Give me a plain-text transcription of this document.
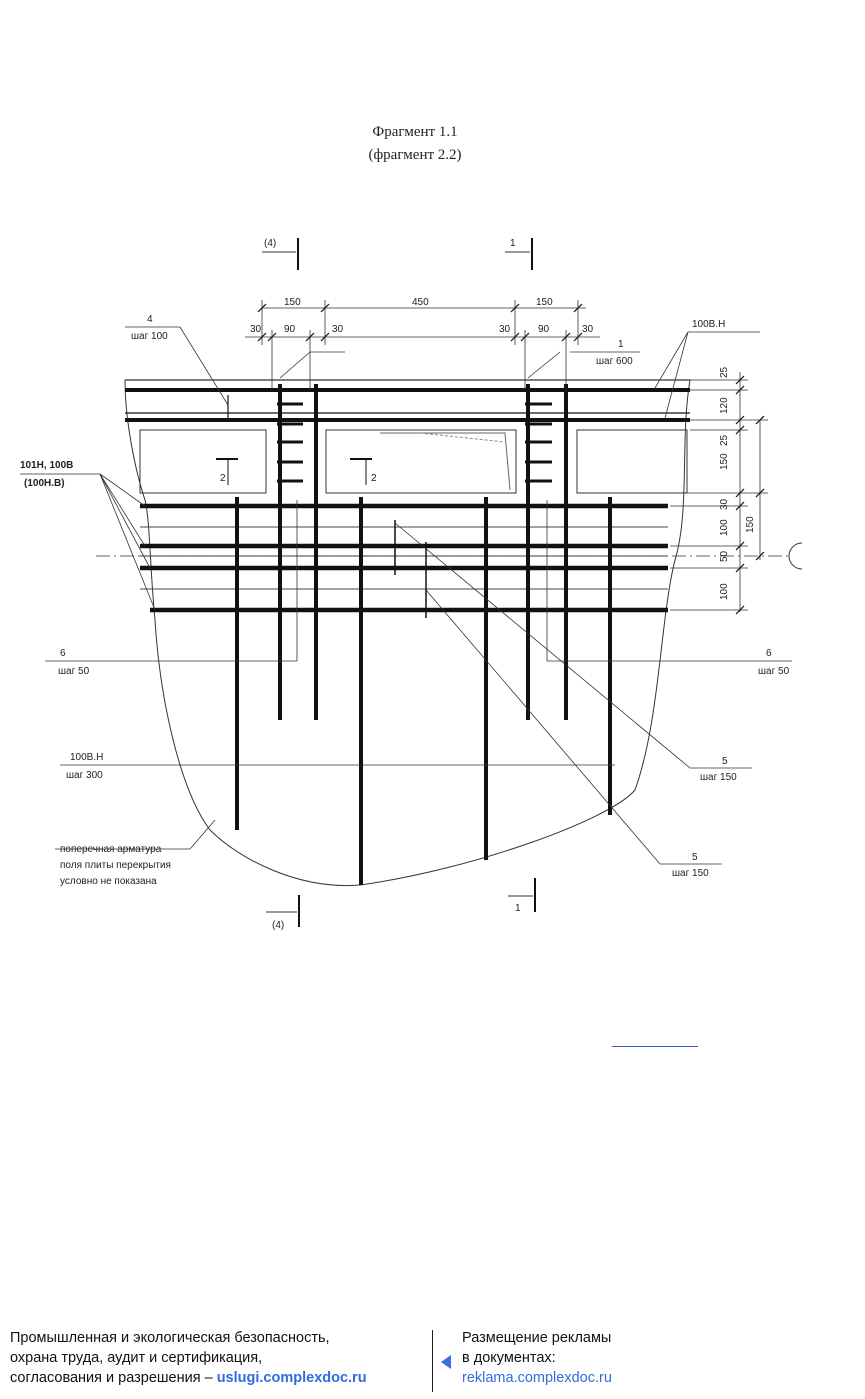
Фрагмент 1.1
(фрагмент 2.2)
2	2
(4)	1
(4)
1
150	450	150
30 90	30	30	90	30
25
120
25
150
30
150
100
50
100
4
шаг 100
1
шаг 600
100В.Н
101Н, 100В
(100Н.В)
6
шаг 50
6
шаг 50
100В.Н
шаг 300
5
шаг 150
5
шаг 150
поперечная арматура
поля плиты перекрытия
условно не показана
Промышленная и экологическая безопасность,
охрана труда, аудит и сертификация,
согласования и разрешения – uslugi.complexdoc.ru
Размещение рекламы
в документах:
reklama.complexdoc.ru
